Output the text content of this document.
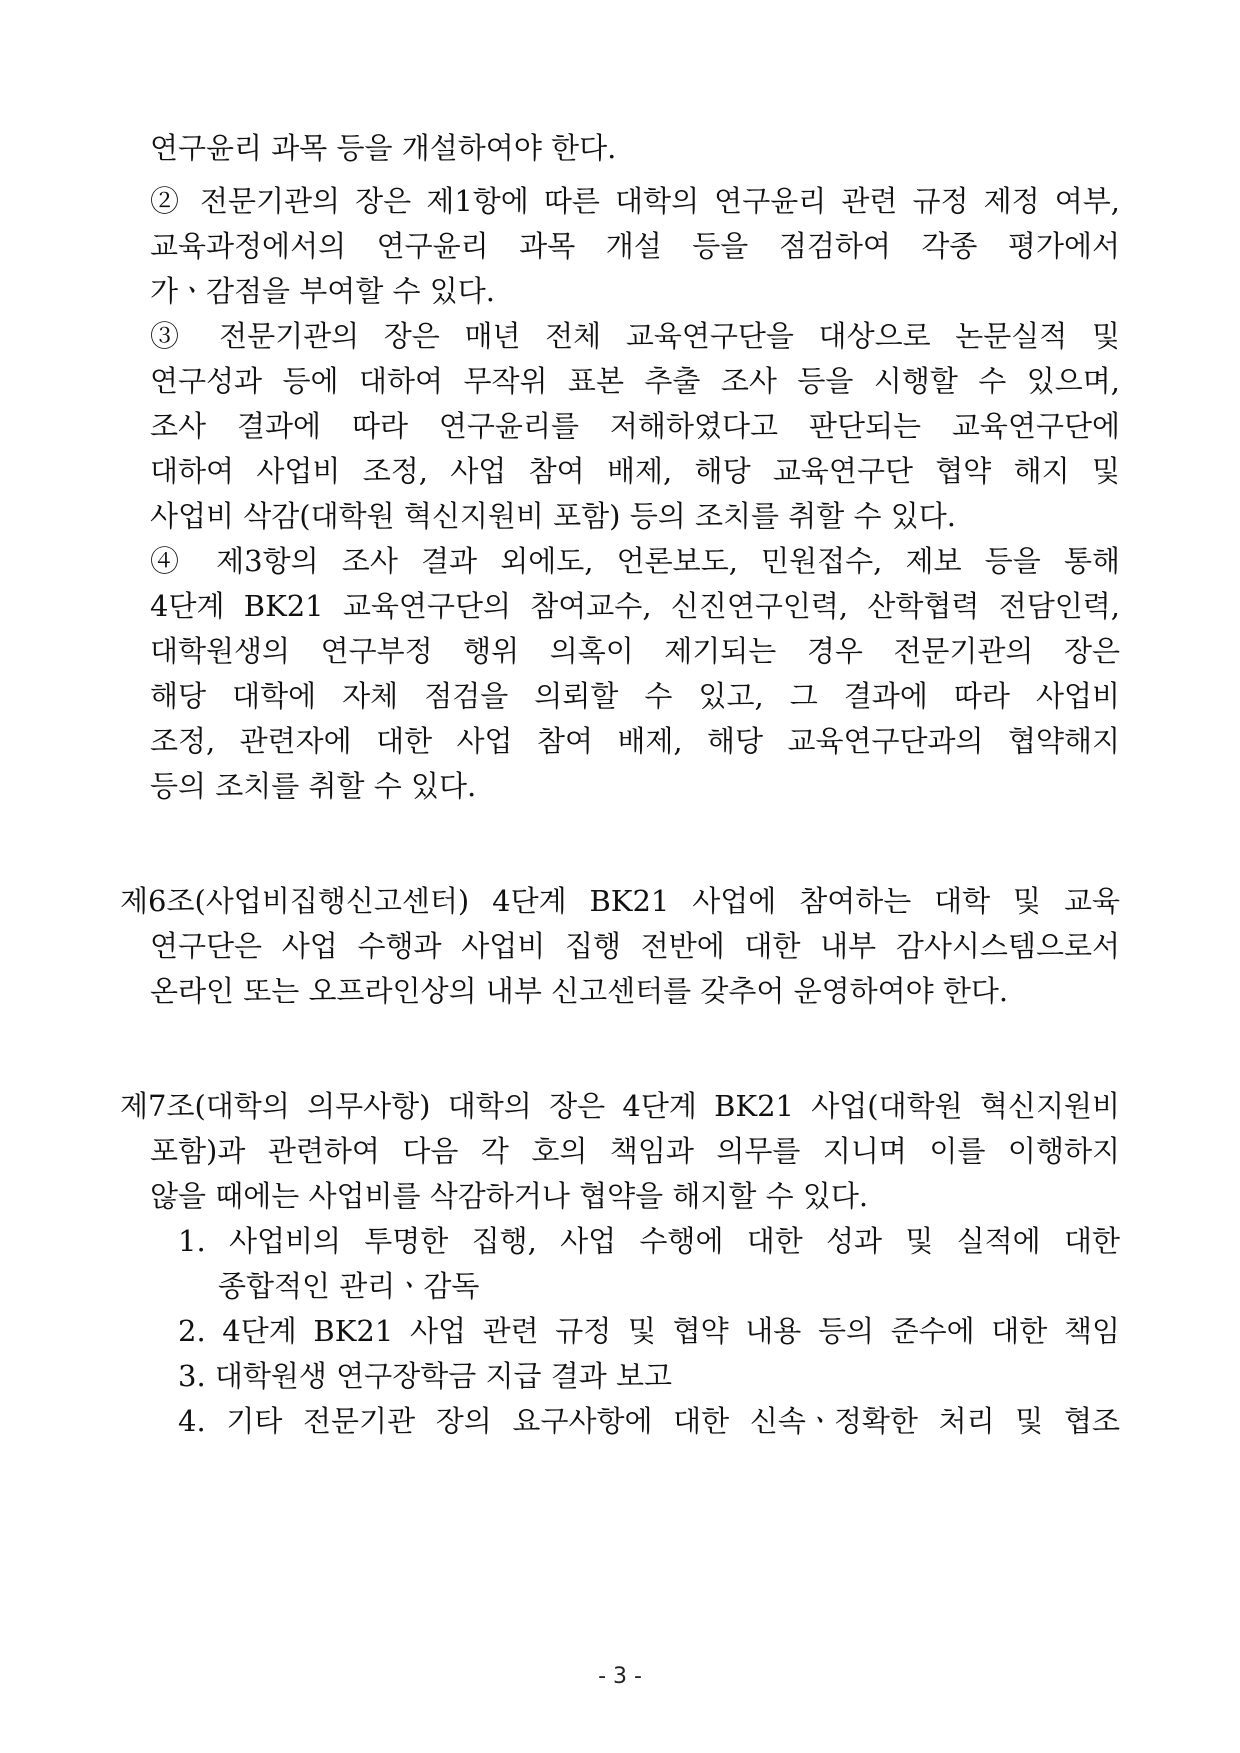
연구윤리 과목 등을 개설하여야 한다.
② 전문기관의 장은 제1항에 따른 대학의 연구윤리 관련 규정 제정 여부,
교육과정에서의 연구윤리 과목 개설 등을 점검하여 각종 평가에서
가ㆍ감점을 부여할 수 있다.
③ 전문기관의 장은 매년 전체 교육연구단을 대상으로 논문실적 및
연구성과 등에 대하여 무작위 표본 추출 조사 등을 시행할 수 있으며,
조사 결과에 따라 연구윤리를 저해하였다고 판단되는 교육연구단에
대하여 사업비 조정, 사업 참여 배제, 해당 교육연구단 협약 해지 및
사업비 삭감(대학원 혁신지원비 포함) 등의 조치를 취할 수 있다.
④ 제3항의 조사 결과 외에도, 언론보도, 민원접수, 제보 등을 통해
4단계 BK21 교육연구단의 참여교수, 신진연구인력, 산학협력 전담인력,
대학원생의 연구부정 행위 의혹이 제기되는 경우 전문기관의 장은
해당 대학에 자체 점검을 의뢰할 수 있고, 그 결과에 따라 사업비
조정, 관련자에 대한 사업 참여 배제, 해당 교육연구단과의 협약해지
등의 조치를 취할 수 있다.
제6조(사업비집행신고센터) 4단계 BK21 사업에 참여하는 대학 및 교육
연구단은 사업 수행과 사업비 집행 전반에 대한 내부 감사시스템으로서
온라인 또는 오프라인상의 내부 신고센터를 갖추어 운영하여야 한다.
제7조(대학의 의무사항) 대학의 장은 4단계 BK21 사업(대학원 혁신지원비
포함)과 관련하여 다음 각 호의 책임과 의무를 지니며 이를 이행하지
않을 때에는 사업비를 삭감하거나 협약을 해지할 수 있다.
1. 사업비의 투명한 집행, 사업 수행에 대한 성과 및 실적에 대한
종합적인 관리ㆍ감독
2. 4단계 BK21 사업 관련 규정 및 협약 내용 등의 준수에 대한 책임
3. 대학원생 연구장학금 지급 결과 보고
4. 기타 전문기관 장의 요구사항에 대한 신속ㆍ정확한 처리 및 협조
- 3 -
